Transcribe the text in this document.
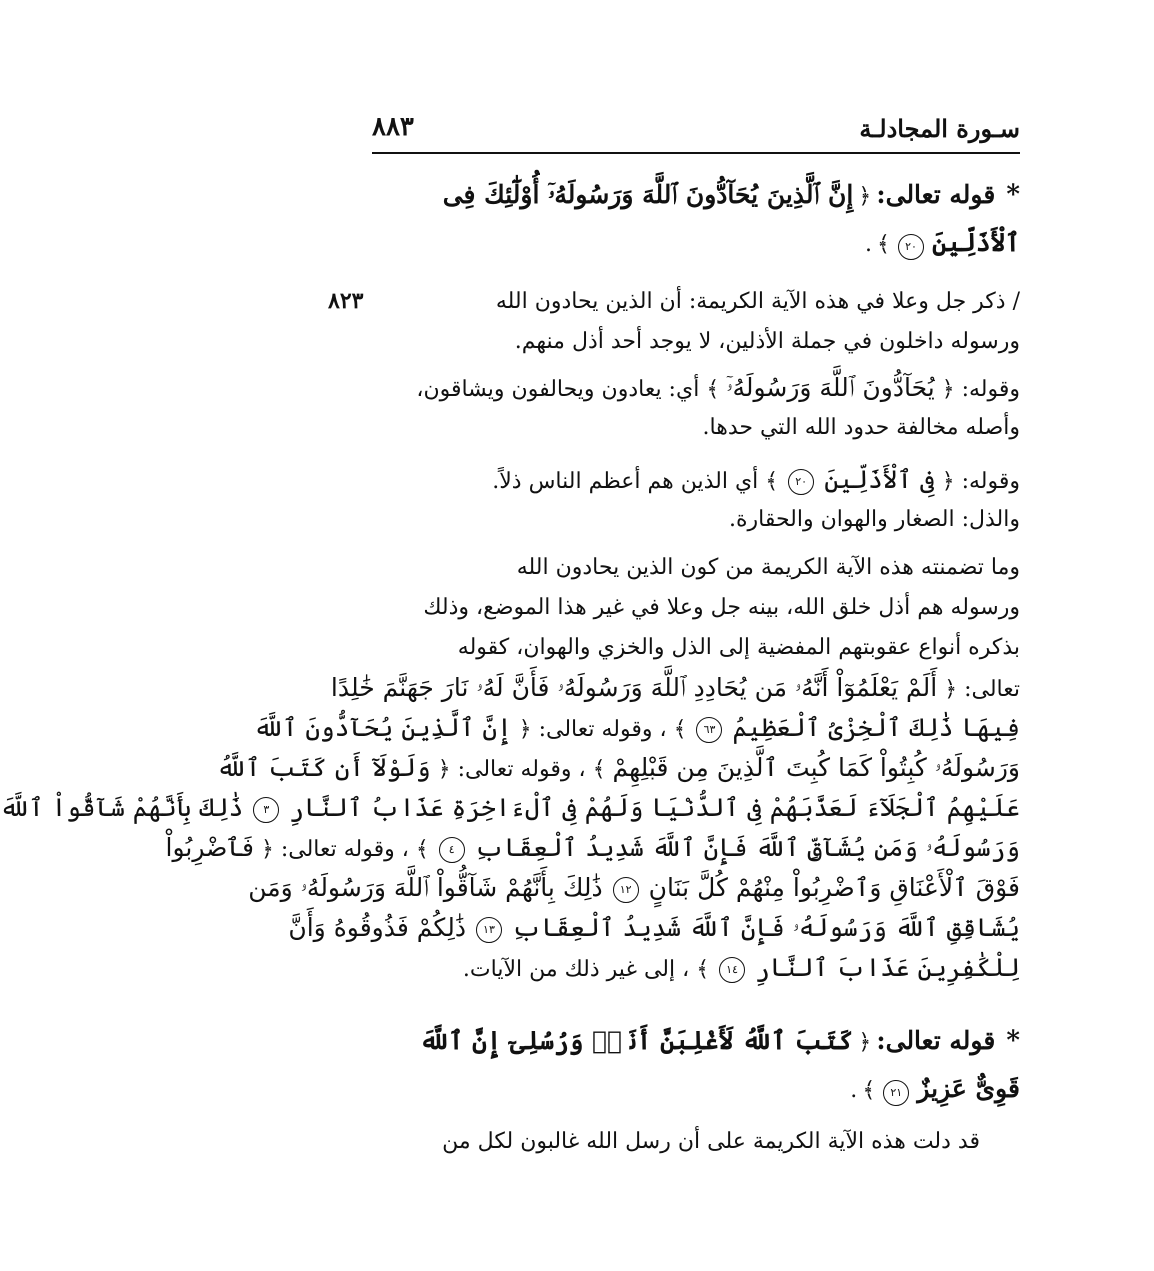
سـورة المجادلـة
٨٨٣
٨٢٣
* قوله تعالى: ﴿ إِنَّ ٱلَّذِينَ يُحَآدُّونَ ٱللَّهَ وَرَسُولَهُۥٓ أُوْلَٰٓئِكَ فِى
ٱلْأَذَلِّينَ ٢٠ ﴾ .
/ ذكر جل وعلا في هذه الآية الكريمة: أن الذين يحادون الله
ورسوله داخلون في جملة الأذلين، لا يوجد أحد أذل منهم.
وقوله: ﴿ يُحَآدُّونَ ٱللَّهَ وَرَسُولَهُۥٓ ﴾ أي: يعادون ويحالفون ويشاقون،
وأصله مخالفة حدود الله التي حدها.
وقوله: ﴿ فِى ٱلْأَذَلِّينَ ٢٠ ﴾ أي الذين هم أعظم الناس ذلاً.
والذل: الصغار والهوان والحقارة.
وما تضمنته هذه الآية الكريمة من كون الذين يحادون الله
ورسوله هم أذل خلق الله، بينه جل وعلا في غير هذا الموضع، وذلك
بذكره أنواع عقوبتهم المفضية إلى الذل والخزي والهوان، كقوله
تعالى: ﴿ أَلَمْ يَعْلَمُوٓاْ أَنَّهُۥ مَن يُحَادِدِ ٱللَّهَ وَرَسُولَهُۥ فَأَنَّ لَهُۥ نَارَ جَهَنَّمَ خَٰلِدًا
فِيهَا ذَٰلِكَ ٱلْخِزْىُ ٱلْعَظِيمُ ٦٣ ﴾ ، وقوله تعالى: ﴿ إِنَّ ٱلَّذِينَ يُحَآدُّونَ ٱللَّهَ
وَرَسُولَهُۥ كُبِتُواْ كَمَا كُبِتَ ٱلَّذِينَ مِن قَبْلِهِمْ ﴾ ، وقوله تعالى: ﴿ وَلَوْلَآ أَن كَتَبَ ٱللَّهُ
عَلَيْهِمُ ٱلْجَلَآءَ لَعَذَّبَهُمْ فِى ٱلدُّنْيَا وَلَهُمْ فِى ٱلْءَاخِرَةِ عَذَابُ ٱلنَّارِ ٣ ذَٰلِكَ بِأَنَّهُمْ شَآقُّواْ ٱللَّهَ
وَرَسُولَهُۥ وَمَن يُشَآقِّ ٱللَّهَ فَإِنَّ ٱللَّهَ شَدِيدُ ٱلْعِقَابِ ٤ ﴾ ، وقوله تعالى: ﴿ فَٱضْرِبُواْ
فَوْقَ ٱلْأَعْنَاقِ وَٱضْرِبُواْ مِنْهُمْ كُلَّ بَنَانٍ ١٢ ذَٰلِكَ بِأَنَّهُمْ شَآقُّواْ ٱللَّهَ وَرَسُولَهُۥ وَمَن
يُشَاقِقِ ٱللَّهَ وَرَسُولَهُۥ فَإِنَّ ٱللَّهَ شَدِيدُ ٱلْعِقَابِ ١٣ ذَٰلِكُمْ فَذُوقُوهُ وَأَنَّ
لِلْكَٰفِرِينَ عَذَابَ ٱلنَّارِ ١٤ ﴾ ، إلى غير ذلك من الآيات.
* قوله تعالى: ﴿ كَتَبَ ٱللَّهُ لَأَغْلِبَنَّ أَنَا۠ وَرُسُلِىٓ إِنَّ ٱللَّهَ
قَوِىٌّ عَزِيزٌ ٢١ ﴾ .
قد دلت هذه الآية الكريمة على أن رسل الله غالبون لكل من
